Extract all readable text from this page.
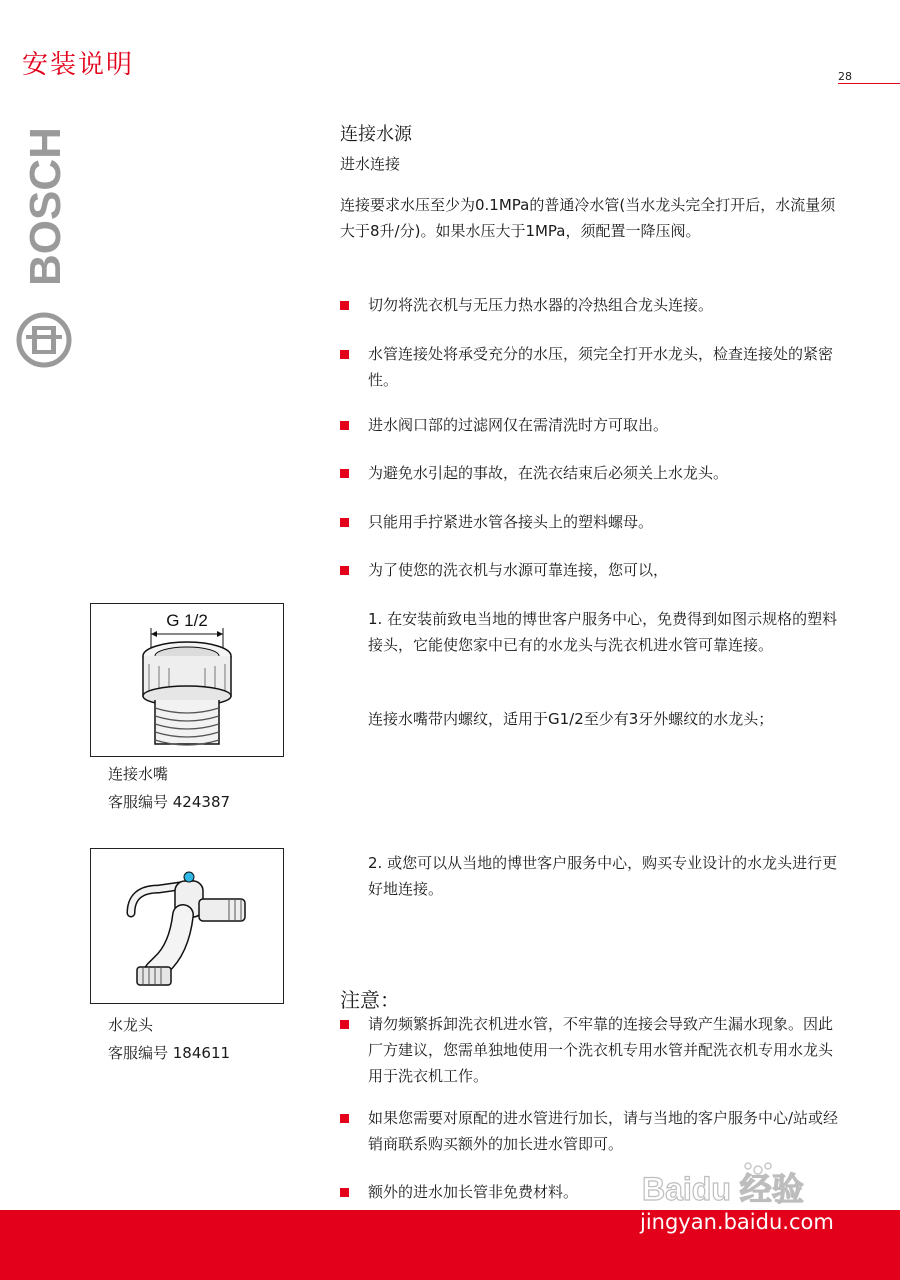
安装说明	28
BOSCH	连接水源
进水连接
连接要求水压至少为0.1MPa的普通冷水管(当水龙头完全打开后，水流量须大于8升/分)。如果水压大于1MPa，须配置一降压阀。
切勿将洗衣机与无压力热水器的冷热组合龙头连接。
水管连接处将承受充分的水压，须完全打开水龙头，检查连接处的紧密性。
进水阀口部的过滤网仅在需清洗时方可取出。
为避免水引起的事故，在洗衣结束后必须关上水龙头。
只能用手拧紧进水管各接头上的塑料螺母。
为了使您的洗衣机与水源可靠连接，您可以，
1. 在安装前致电当地的博世客户服务中心，免费得到如图示规格的塑料接头，它能使您家中已有的水龙头与洗衣机进水管可靠连接。
连接水嘴带内螺纹，适用于G1/2至少有3牙外螺纹的水龙头；
2. 或您可以从当地的博世客户服务中心，购买专业设计的水龙头进行更好地连接。
G 1/2
连接水嘴
客服编号 424387
水龙头
客服编号 184611
注意：
请勿频繁拆卸洗衣机进水管，不牢靠的连接会导致产生漏水现象。因此厂方建议，您需单独地使用一个洗衣机专用水管并配洗衣机专用水龙头用于洗衣机工作。
如果您需要对原配的进水管进行加长，请与当地的客户服务中心/站或经销商联系购买额外的加长进水管即可。
额外的进水加长管非免费材料。	Baidu 经验
jingyan.baidu.com
